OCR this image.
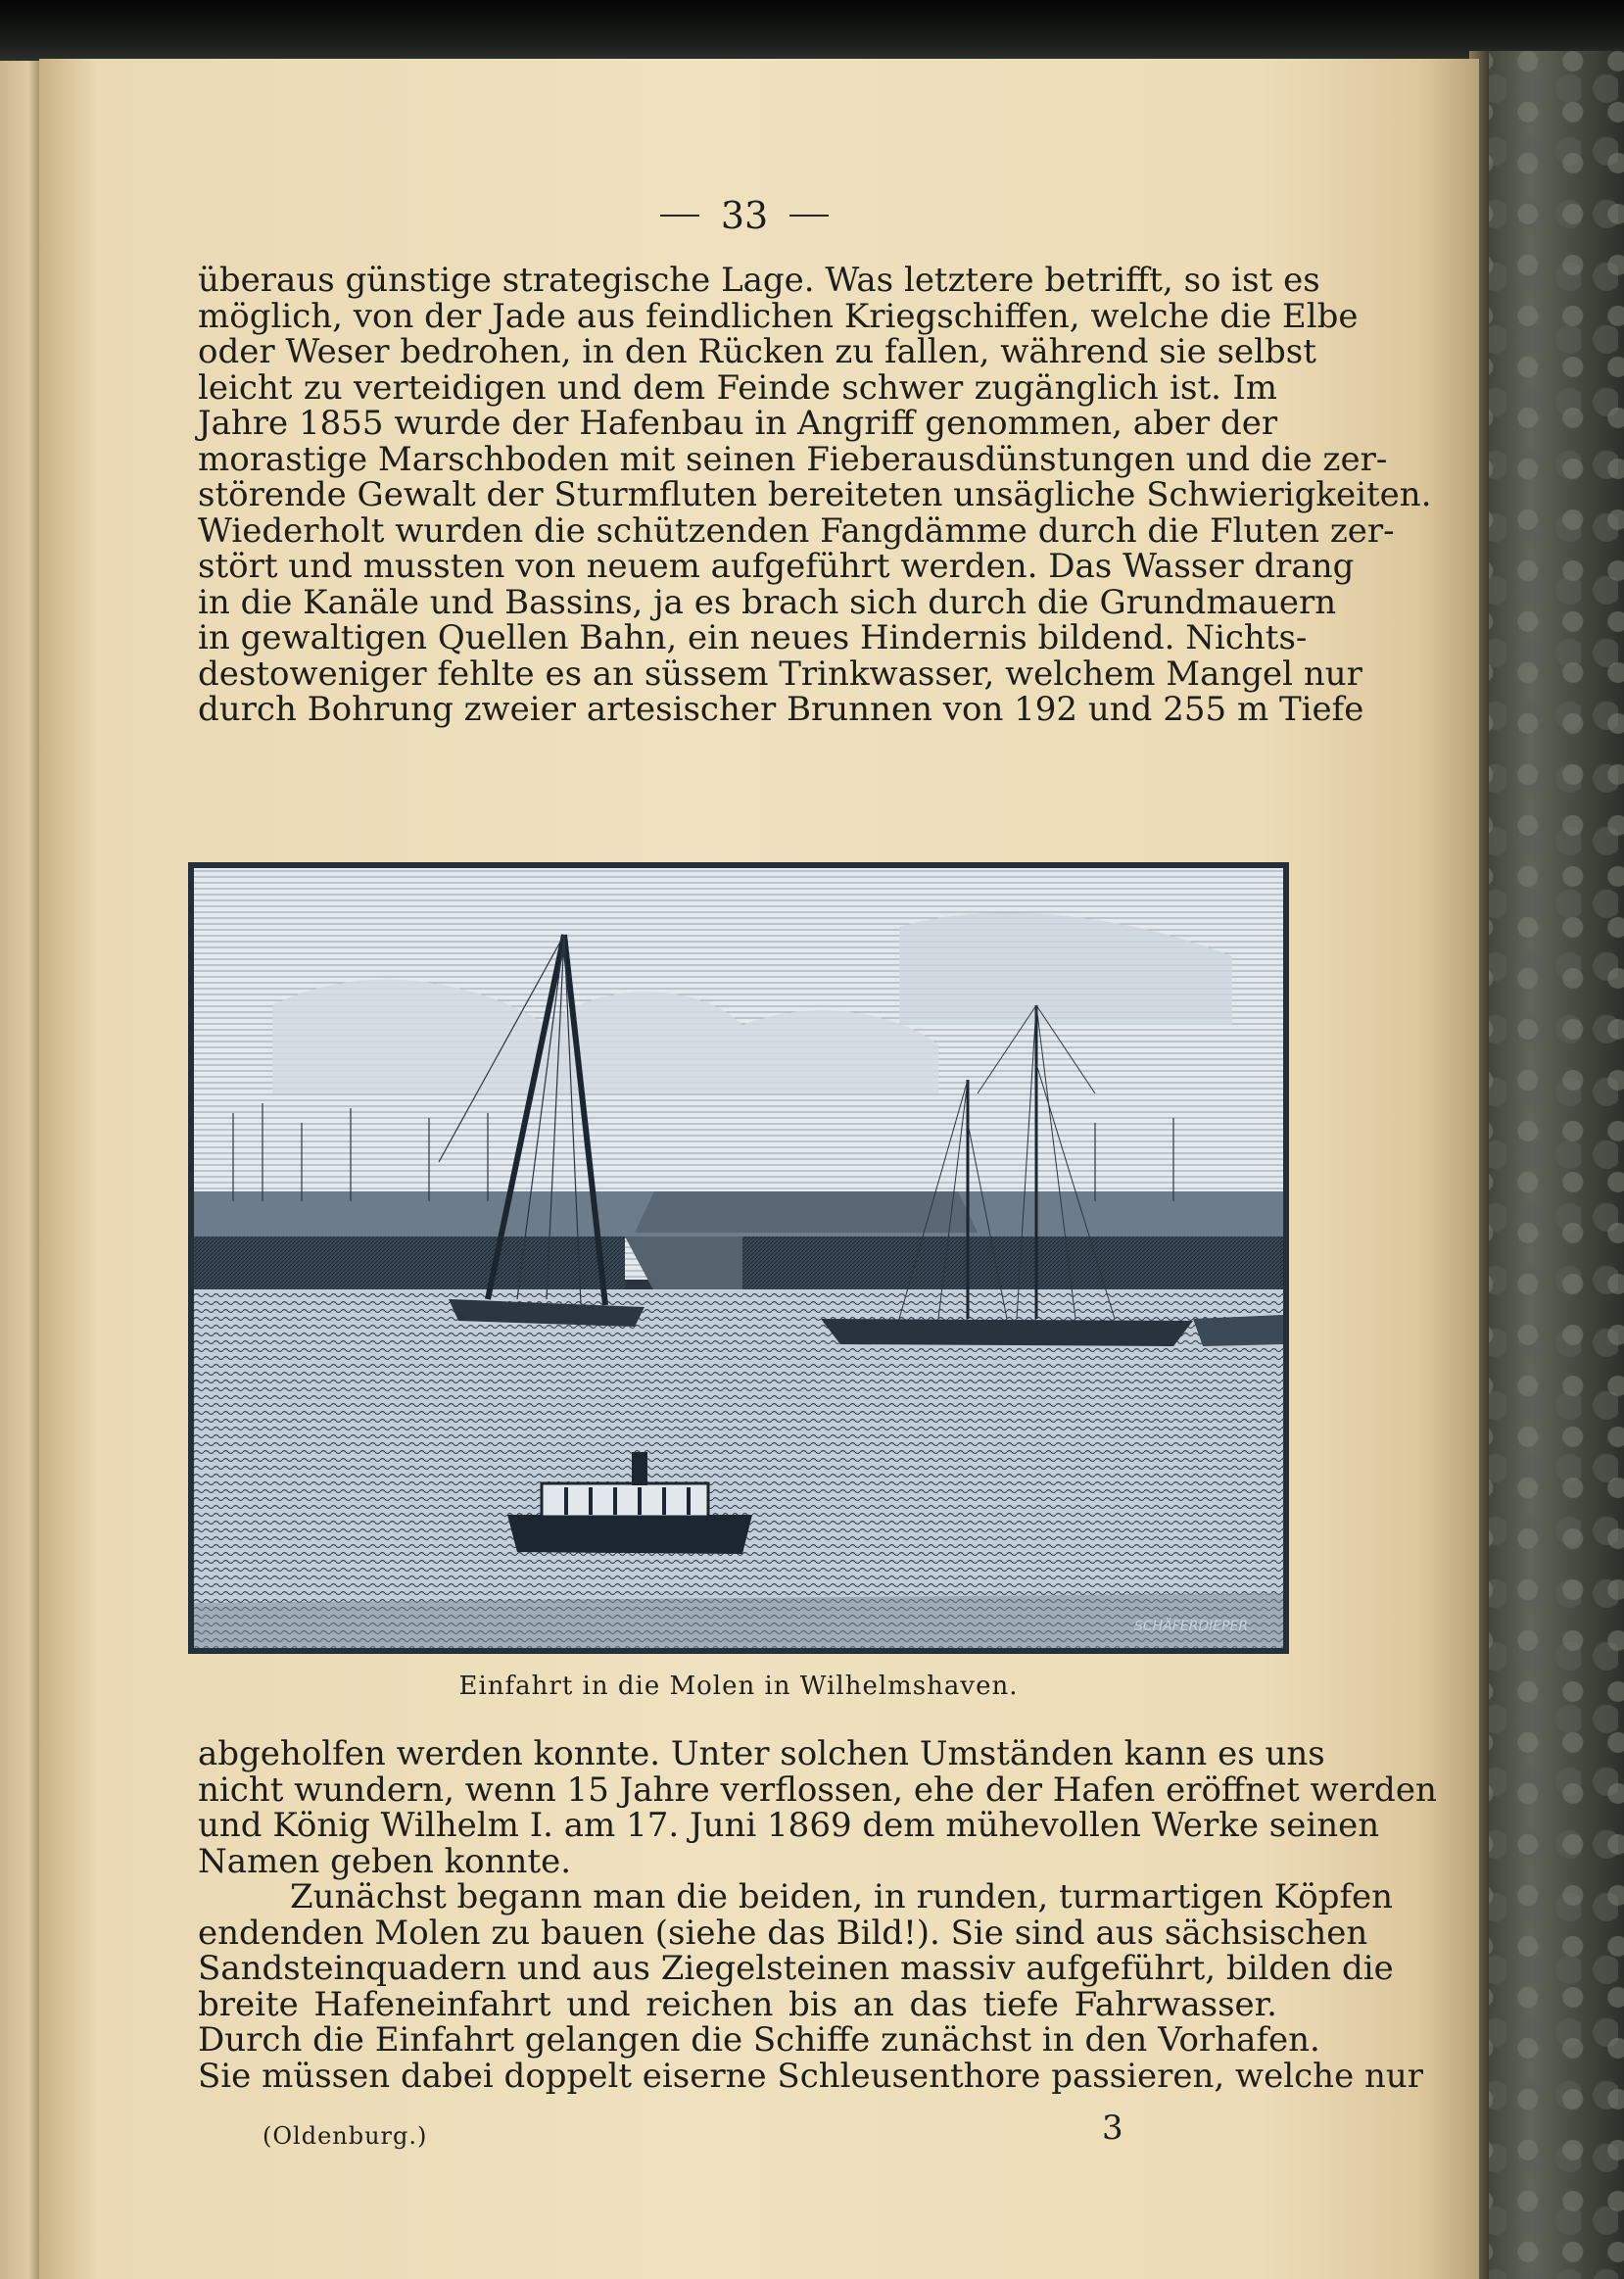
33

überaus günstige strategische Lage. Was letztere betrifft, so ist es
möglich, von der Jade aus feindlichen Kriegschiffen, welche die Elbe
oder Weser bedrohen, in den Rücken zu fallen, während sie selbst
leicht zu verteidigen und dem Feinde schwer zugänglich ist. Im
Jahre 1855 wurde der Hafenbau in Angriff genommen, aber der
morastige Marschboden mit seinen Fieberausdünstungen und die zer-
störende Gewalt der Sturmfluten bereiteten unsägliche Schwierigkeiten.
Wiederholt wurden die schützenden Fangdämme durch die Fluten zer-
stört und mussten von neuem aufgeführt werden. Das Wasser drang
in die Kanäle und Bassins, ja es brach sich durch die Grundmauern
in gewaltigen Quellen Bahn, ein neues Hindernis bildend. Nichts-
destoweniger fehlte es an süssem Trinkwasser, welchem Mangel nur
durch Bohrung zweier artesischer Brunnen von 192 und 255 m Tiefe

SCHÄFERDIEPER
Einfahrt in die Molen in Wilhelmshaven.

abgeholfen werden konnte. Unter solchen Umständen kann es uns
nicht wundern, wenn 15 Jahre verflossen, ehe der Hafen eröffnet werden
und König Wilhelm I. am 17. Juni 1869 dem mühevollen Werke seinen
Namen geben konnte.

Zunächst begann man die beiden, in runden, turmartigen Köpfen
endenden Molen zu bauen (siehe das Bild!). Sie sind aus sächsischen
Sandsteinquadern und aus Ziegelsteinen massiv aufgeführt, bilden die
breite Hafeneinfahrt und reichen bis an das tiefe Fahrwasser.
Durch die Einfahrt gelangen die Schiffe zunächst in den Vorhafen.
Sie müssen dabei doppelt eiserne Schleusenthore passieren, welche nur

(Oldenburg.)	3
